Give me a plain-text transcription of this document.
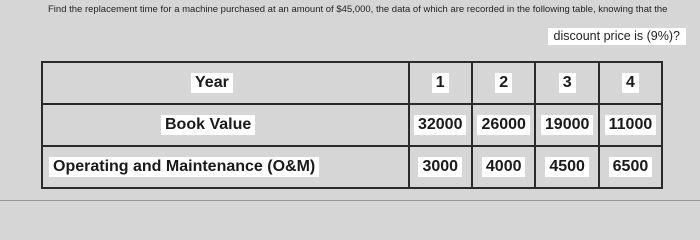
Find the replacement time for a machine purchased at an amount of $45,000, the data of which are recorded in the following table, knowing that the
discount price is (9%)?
Year	1	2	3	4
Book Value	32000	26000	19000	11000
Operating and Maintenance (O&M)	3000	4000	4500	6500
